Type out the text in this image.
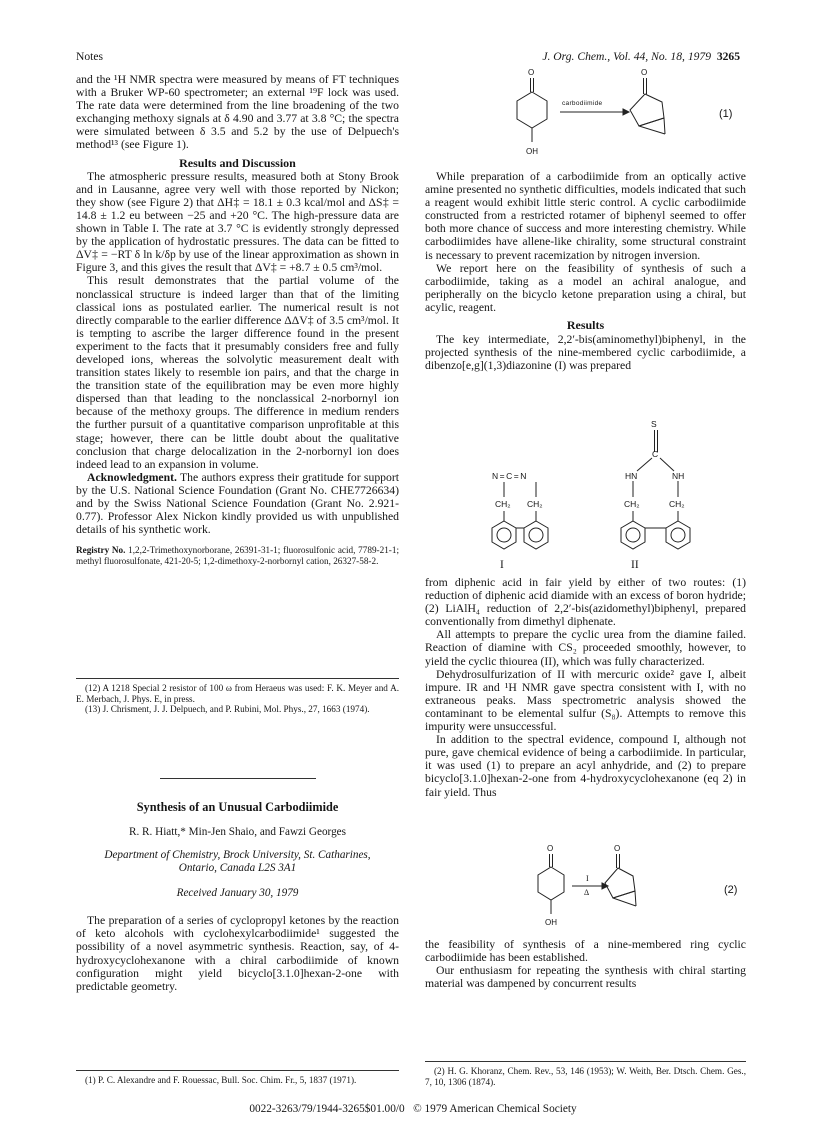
Notes	J. Org. Chem., Vol. 44, No. 18, 1979 3265

and the ¹H NMR spectra were measured by means of FT techniques with a Bruker WP-60 spectrometer; an external ¹⁹F lock was used. The rate data were determined from the line broadening of the two exchanging methoxy signals at δ 4.90 and 3.77 at 3.8 °C; the spectra were simulated between δ 3.5 and 5.2 by the use of Delpuech's method¹³ (see Figure 1).

Results and Discussion

The atmospheric pressure results, measured both at Stony Brook and in Lausanne, agree very well with those reported by Nickon; they show (see Figure 2) that ΔH‡ = 18.1 ± 0.3 kcal/mol and ΔS‡ = 14.8 ± 1.2 eu between −25 and +20 °C. The high-pressure data are shown in Table I. The rate at 3.7 °C is evidently strongly depressed by the application of hydrostatic pressures. The data can be fitted to ΔV‡ = −RT δ ln k/δp by use of the linear approximation as shown in Figure 3, and this gives the result that ΔV‡ = +8.7 ± 0.5 cm³/mol.

This result demonstrates that the partial volume of the nonclassical structure is indeed larger than that of the limiting classical ions as postulated earlier. The numerical result is not directly comparable to the earlier difference ΔΔV‡ of 3.5 cm³/mol. It is tempting to ascribe the larger difference found in the present experiment to the facts that it presumably considers free and fully developed ions, whereas the solvolytic measurement dealt with transition states likely to resemble ion pairs, and that the charge in the transition state of the equilibration may be even more highly dispersed than that leading to the nonclassical 2-norbornyl ion because of the methoxy groups. The difference in medium renders the further pursuit of a quantitative comparison unprofitable at this stage; however, there can be little doubt about the qualitative conclusion that charge delocalization in the 2-norbornyl ion does indeed lead to an expansion in volume.

Acknowledgment. The authors express their gratitude for support by the U.S. National Science Foundation (Grant No. CHE7726634) and by the Swiss National Science Foundation (Grant No. 2.921-0.77). Professor Alex Nickon kindly provided us with unpublished details of his synthetic work.

Registry No. 1,2,2-Trimethoxynorborane, 26391-31-1; fluorosulfonic acid, 7789-21-1; methyl fluorosulfonate, 421-20-5; 1,2-dimethoxy-2-norbornyl cation, 26327-58-2.

(12) A 1218 Special 2 resistor of 100 ω from Heraeus was used: F. K. Meyer and A. E. Merbach, J. Phys. E, in press.

(13) J. Chrisment, J. J. Delpuech, and P. Rubini, Mol. Phys., 27, 1663 (1974).

Synthesis of an Unusual Carbodiimide
R. R. Hiatt,* Min-Jen Shaio, and Fawzi Georges
Department of Chemistry, Brock University, St. Catharines,
Ontario, Canada L2S 3A1
Received January 30, 1979

The preparation of a series of cyclopropyl ketones by the reaction of keto alcohols with cyclohexylcarbodiimide¹ suggested the possibility of a novel asymmetric synthesis. Reaction, say, of 4-hydroxycyclohexanone with a chiral carbodiimide of known configuration might yield bicyclo[3.1.0]hexan-2-one with predictable geometry.

(1) P. C. Alexandre and F. Rouessac, Bull. Soc. Chim. Fr., 5, 1837 (1971).

O
OH
carbodiimide
O
(1)

While preparation of a carbodiimide from an optically active amine presented no synthetic difficulties, models indicated that such a reagent would exhibit little steric control. A cyclic carbodiimide constructed from a restricted rotamer of biphenyl seemed to offer both more chance of success and more interesting chemistry. While carbodiimides have allene-like chirality, some structural constraint is necessary to prevent racemization by nitrogen inversion.

We report here on the feasibility of synthesis of such a carbodiimide, taking as a model an achiral analogue, and peripherally on the bicyclo ketone preparation using a chiral, but acylic, reagent.

Results

The key intermediate, 2,2′-bis(aminomethyl)biphenyl, in the projected synthesis of the nine-membered cyclic carbodiimide, a dibenzo[e,g](1,3)diazonine (I) was prepared

N=C=N
CH₂ CH₂
S
C
HN	NH
CH₂	CH₂
I	II

from diphenic acid in fair yield by either of two routes: (1) reduction of diphenic acid diamide with an excess of boron hydride; (2) LiAlH₄ reduction of 2,2′-bis(azidomethyl)biphenyl, prepared conventionally from dimethyl diphenate.

All attempts to prepare the cyclic urea from the diamine failed. Reaction of diamine with CS₂ proceeded smoothly, however, to yield the cyclic thiourea (II), which was fully characterized.

Dehydrosulfurization of II with mercuric oxide² gave I, albeit impure. IR and ¹H NMR gave spectra consistent with I, with no extraneous peaks. Mass spectrometric analysis showed the contaminant to be elemental sulfur (S₈). Attempts to remove this impurity were unsuccessful.

In addition to the spectral evidence, compound I, although not pure, gave chemical evidence of being a carbodiimide. In particular, it was used (1) to prepare an acyl anhydride, and (2) to prepare bicyclo[3.1.0]hexan-2-one from 4-hydroxycyclohexanone (eq 2) in fair yield. Thus

O
OH
I
Δ
O
(2)

the feasibility of synthesis of a nine-membered ring cyclic carbodiimide has been established.

Our enthusiasm for repeating the synthesis with chiral starting material was dampened by concurrent results

(2) H. G. Khoranz, Chem. Rev., 53, 146 (1953); W. Weith, Ber. Dtsch. Chem. Ges., 7, 10, 1306 (1874).

0022-3263/79/1944-3265$01.00/0 © 1979 American Chemical Society
